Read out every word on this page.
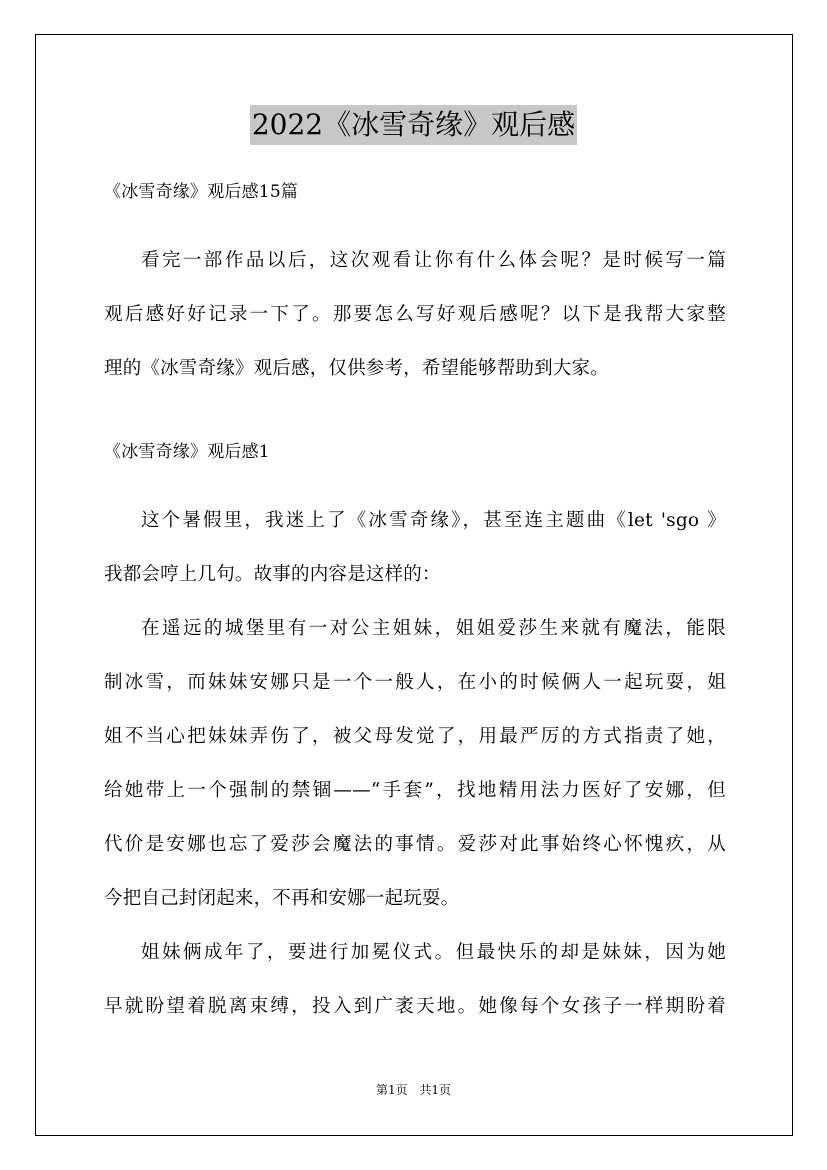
2022《冰雪奇缘》观后感
《冰雪奇缘》观后感15篇
看完一部作品以后，这次观看让你有什么体会呢？是时候写一篇
观后感好好记录一下了。那要怎么写好观后感呢？以下是我帮大家整
理的《冰雪奇缘》观后感，仅供参考，希望能够帮助到大家。
《冰雪奇缘》观后感1
这个暑假里，我迷上了《冰雪奇缘》，甚至连主题曲《let 'sgo 》
我都会哼上几句。故事的内容是这样的：
在遥远的城堡里有一对公主姐妹，姐姐爱莎生来就有魔法，能限
制冰雪，而妹妹安娜只是一个一般人，在小的时候俩人一起玩耍，姐
姐不当心把妹妹弄伤了，被父母发觉了，用最严厉的方式指责了她，
给她带上一个强制的禁锢——“手套”，找地精用法力医好了安娜，但
代价是安娜也忘了爱莎会魔法的事情。爱莎对此事始终心怀愧疚，从
今把自己封闭起来，不再和安娜一起玩耍。
姐妹俩成年了，要进行加冕仪式。但最快乐的却是妹妹，因为她
早就盼望着脱离束缚，投入到广袤天地。她像每个女孩子一样期盼着
第1页 共1页
